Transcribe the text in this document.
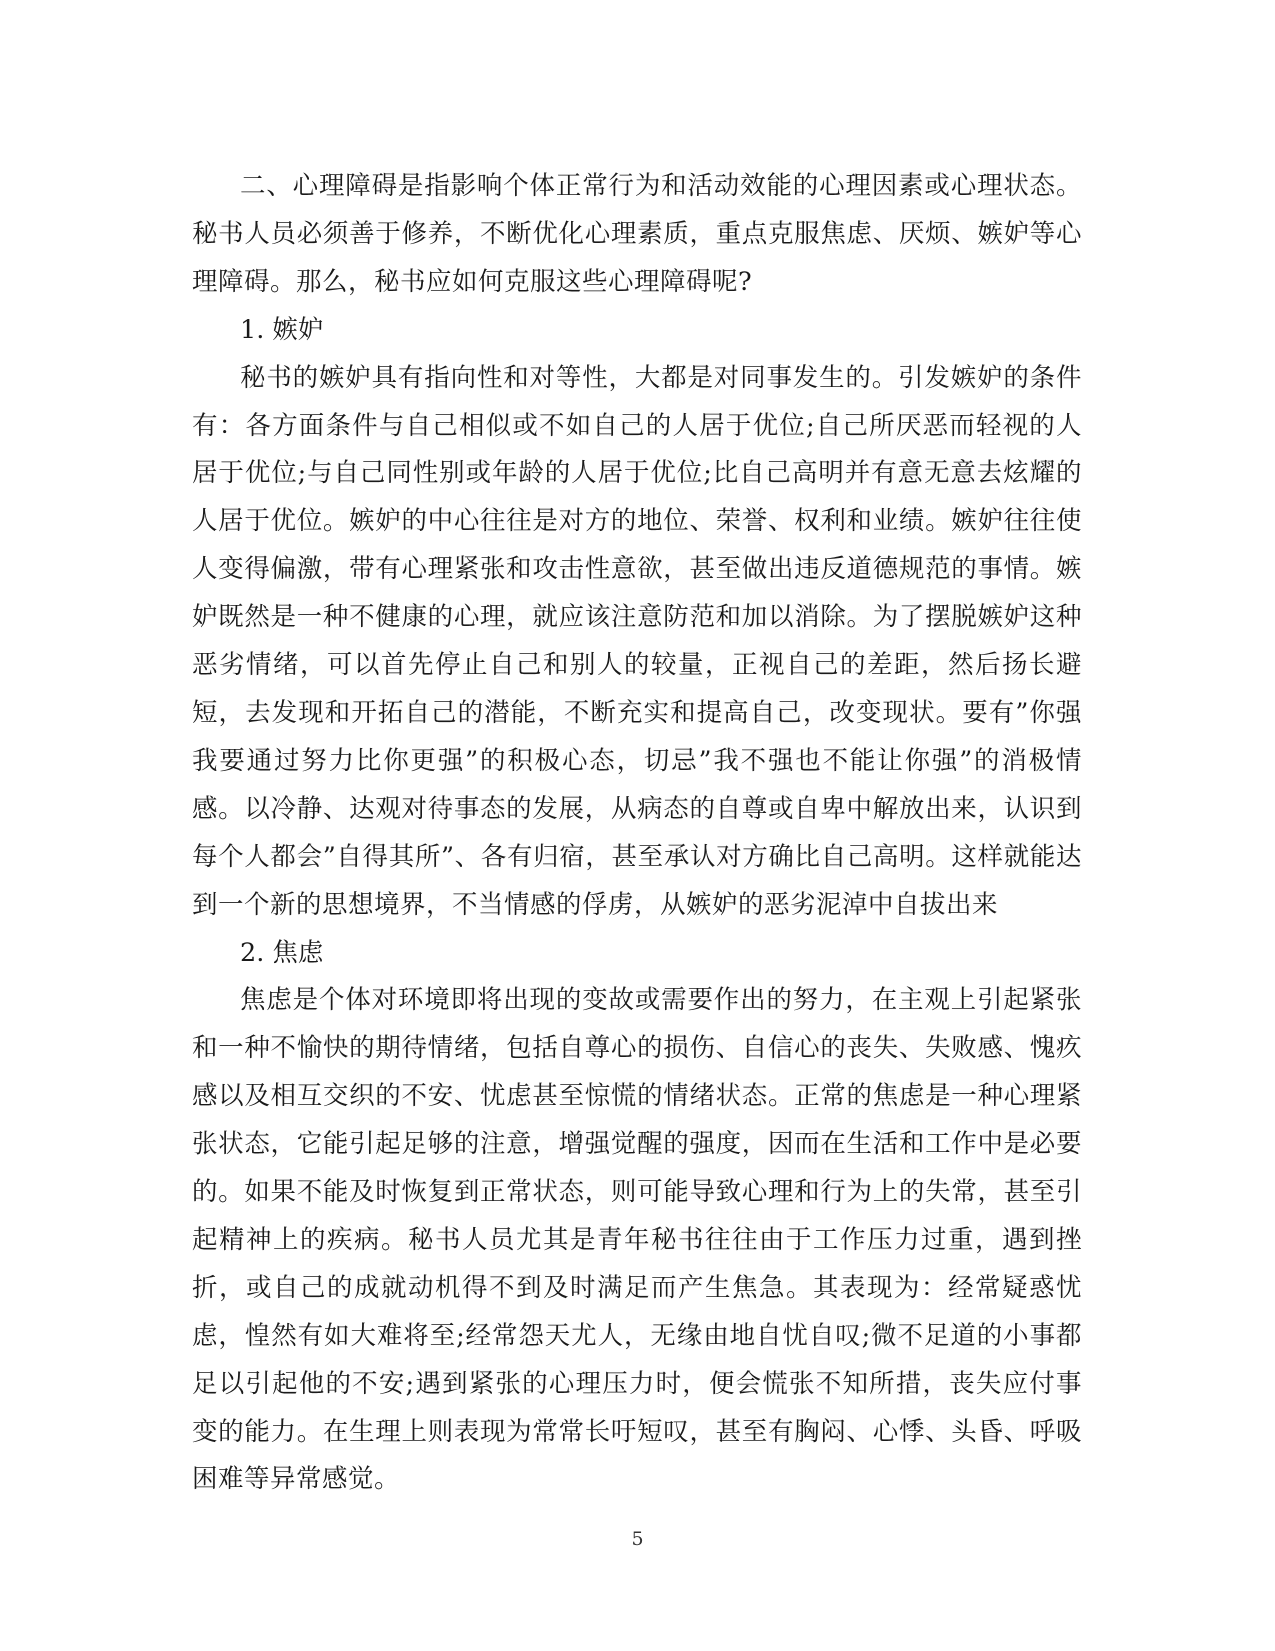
二、心理障碍是指影响个体正常行为和活动效能的心理因素或心理状态。秘书人员必须善于修养，不断优化心理素质，重点克服焦虑、厌烦、嫉妒等心理障碍。那么，秘书应如何克服这些心理障碍呢?

1. 嫉妒

秘书的嫉妒具有指向性和对等性，大都是对同事发生的。引发嫉妒的条件有：各方面条件与自己相似或不如自己的人居于优位;自己所厌恶而轻视的人居于优位;与自己同性别或年龄的人居于优位;比自己高明并有意无意去炫耀的人居于优位。嫉妒的中心往往是对方的地位、荣誉、权利和业绩。嫉妒往往使人变得偏激，带有心理紧张和攻击性意欲，甚至做出违反道德规范的事情。嫉妒既然是一种不健康的心理，就应该注意防范和加以消除。为了摆脱嫉妒这种恶劣情绪，可以首先停止自己和别人的较量，正视自己的差距，然后扬长避短，去发现和开拓自己的潜能，不断充实和提高自己，改变现状。要有”你强我要通过努力比你更强”的积极心态，切忌”我不强也不能让你强”的消极情感。以冷静、达观对待事态的发展，从病态的自尊或自卑中解放出来，认识到每个人都会”自得其所”、各有归宿，甚至承认对方确比自己高明。这样就能达到一个新的思想境界，不当情感的俘虏，从嫉妒的恶劣泥淖中自拔出来

2. 焦虑

焦虑是个体对环境即将出现的变故或需要作出的努力，在主观上引起紧张和一种不愉快的期待情绪，包括自尊心的损伤、自信心的丧失、失败感、愧疚感以及相互交织的不安、忧虑甚至惊慌的情绪状态。正常的焦虑是一种心理紧张状态，它能引起足够的注意，增强觉醒的强度，因而在生活和工作中是必要的。如果不能及时恢复到正常状态，则可能导致心理和行为上的失常，甚至引起精神上的疾病。秘书人员尤其是青年秘书往往由于工作压力过重，遇到挫折，或自己的成就动机得不到及时满足而产生焦急。其表现为：经常疑惑忧虑，惶然有如大难将至;经常怨天尤人，无缘由地自忧自叹;微不足道的小事都足以引起他的不安;遇到紧张的心理压力时，便会慌张不知所措，丧失应付事变的能力。在生理上则表现为常常长吁短叹，甚至有胸闷、心悸、头昏、呼吸困难等异常感觉。

5
